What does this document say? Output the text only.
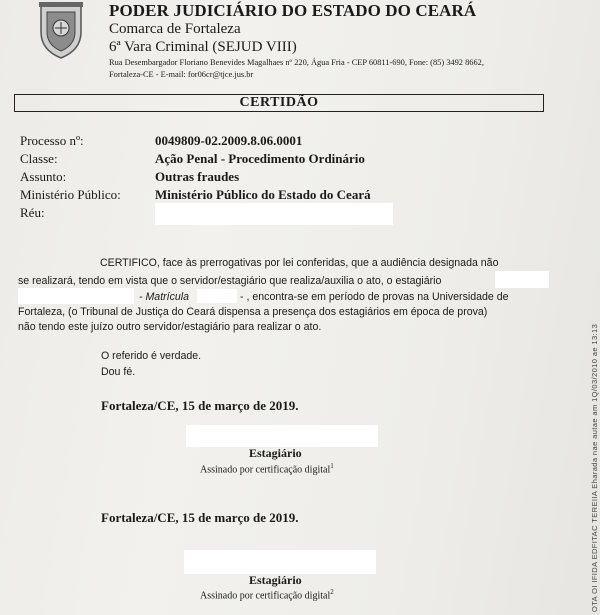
PODER JUDICIÁRIO DO ESTADO DO CEARÁ
Comarca de Fortaleza
6ª Vara Criminal (SEJUD VIII)
Rua Desembargador Floriano Benevides Magalhaes nº 220, Água Fria - CEP 60811-690, Fone: (85) 3492 8662,
Fortaleza-CE - E-mail: for06cr@tjce.jus.br
CERTIDÃO
Processo nº:	0049809-02.2009.8.06.0001
Classe:	Ação Penal - Procedimento Ordinário
Assunto:	Outras fraudes
Ministério Público:	Ministério Público do Estado do Ceará
Réu:
CERTIFICO, face às prerrogativas por lei conferidas, que a audiência designada não
se realizará, tendo em vista que o servidor/estagiário que realiza/auxilia o ato, o estagiário
- Matrícula	- , encontra-se em período de provas na Universidade de
Fortaleza, (o Tribunal de Justiça do Ceará dispensa a presença dos estagiários em época de prova)
não tendo este juízo outro servidor/estagiário para realizar o ato.
O referido é verdade.
Dou fé.
Fortaleza/CE, 15 de março de 2019.
Estagiário
Assinado por certificação digital$^1$
Fortaleza/CE, 15 de março de 2019.
Estagiário
Assinado por certificação digital$^2$	OTA OI IFIDA EDFITAC TEREIIA Eharada nae autae am 1Q/03/2010 ae 13:13
